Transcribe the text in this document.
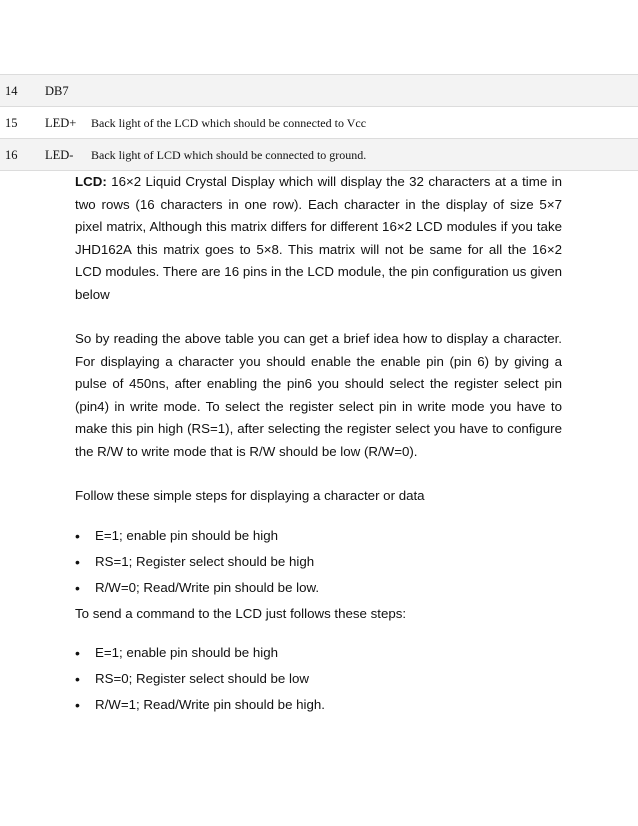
14 DB7
15 LED+ Back light of the LCD which should be connected to Vcc
16 LED- Back light of LCD which should be connected to ground.

LCD: 16×2 Liquid Crystal Display which will display the 32 characters at a time in two rows (16 characters in one row). Each character in the display of size 5×7 pixel matrix, Although this matrix differs for different 16×2 LCD modules if you take JHD162A this matrix goes to 5×8. This matrix will not be same for all the 16×2 LCD modules. There are 16 pins in the LCD module, the pin configuration us given below

So by reading the above table you can get a brief idea how to display a character. For displaying a character you should enable the enable pin (pin 6) by giving a pulse of 450ns, after enabling the pin6 you should select the register select pin (pin4) in write mode. To select the register select pin in write mode you have to make this pin high (RS=1), after selecting the register select you have to configure the R/W to write mode that is R/W should be low (R/W=0).

Follow these simple steps for displaying a character or data

• E=1; enable pin should be high
• RS=1; Register select should be high
• R/W=0; Read/Write pin should be low.

To send a command to the LCD just follows these steps:

• E=1; enable pin should be high
• RS=0; Register select should be low
• R/W=1; Read/Write pin should be high.
